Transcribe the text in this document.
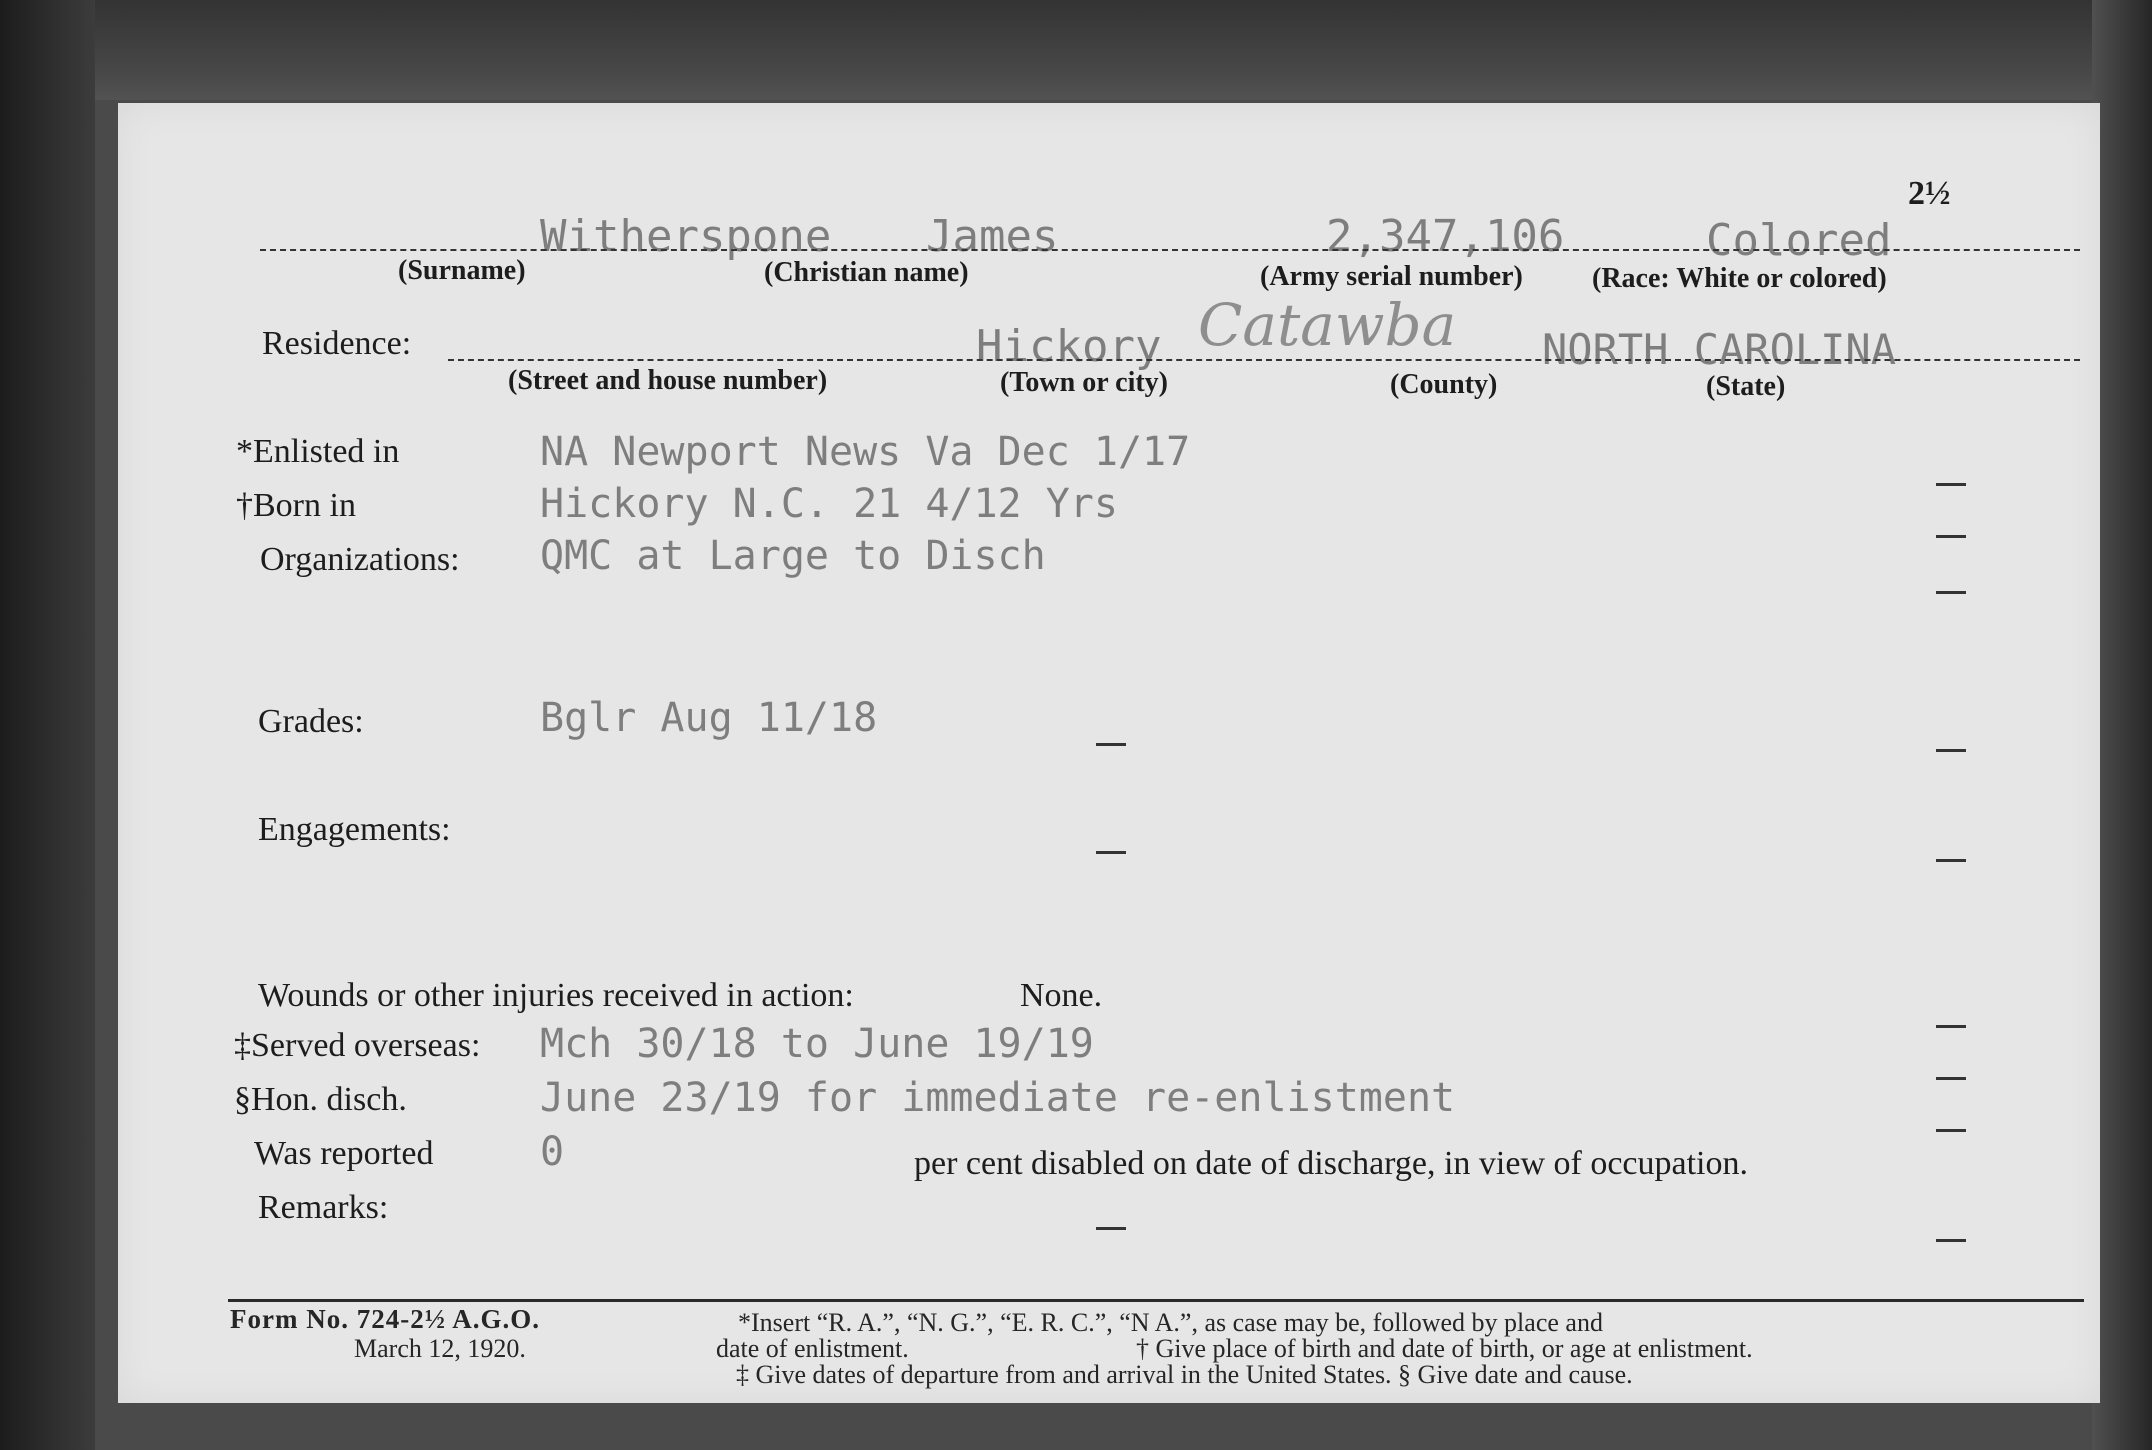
2½
Witherspone James	2,347,106	Colored
(Surname)	(Christian name)	(Army serial number) (Race: White or colored)
Residence:	Hickory Catawba NORTH CAROLINA
(Street and house number)	(Town or city)	(County)	(State)
*Enlisted in	NA Newport News Va Dec 1/17
†Born in	Hickory N.C. 21 4/12 Yrs
Organizations: QMC at Large to Disch
Grades:	Bglr Aug 11/18
Engagements:
Wounds or other injuries received in action:	None.
‡Served overseas: Mch 30/18 to June 19/19
§Hon. disch.	June 23/19 for immediate re-enlistment
Was reported	0	per cent disabled on date of discharge, in view of occupation.
Remarks:
Form No. 724-2½ A.G.O.
March 12, 1920.
*Insert “R. A.”, “N. G.”, “E. R. C.”, “N A.”, as case may be, followed by place and
date of enlistment.	† Give place of birth and date of birth, or age at enlistment.
‡ Give dates of departure from and arrival in the United States. § Give date and cause.
